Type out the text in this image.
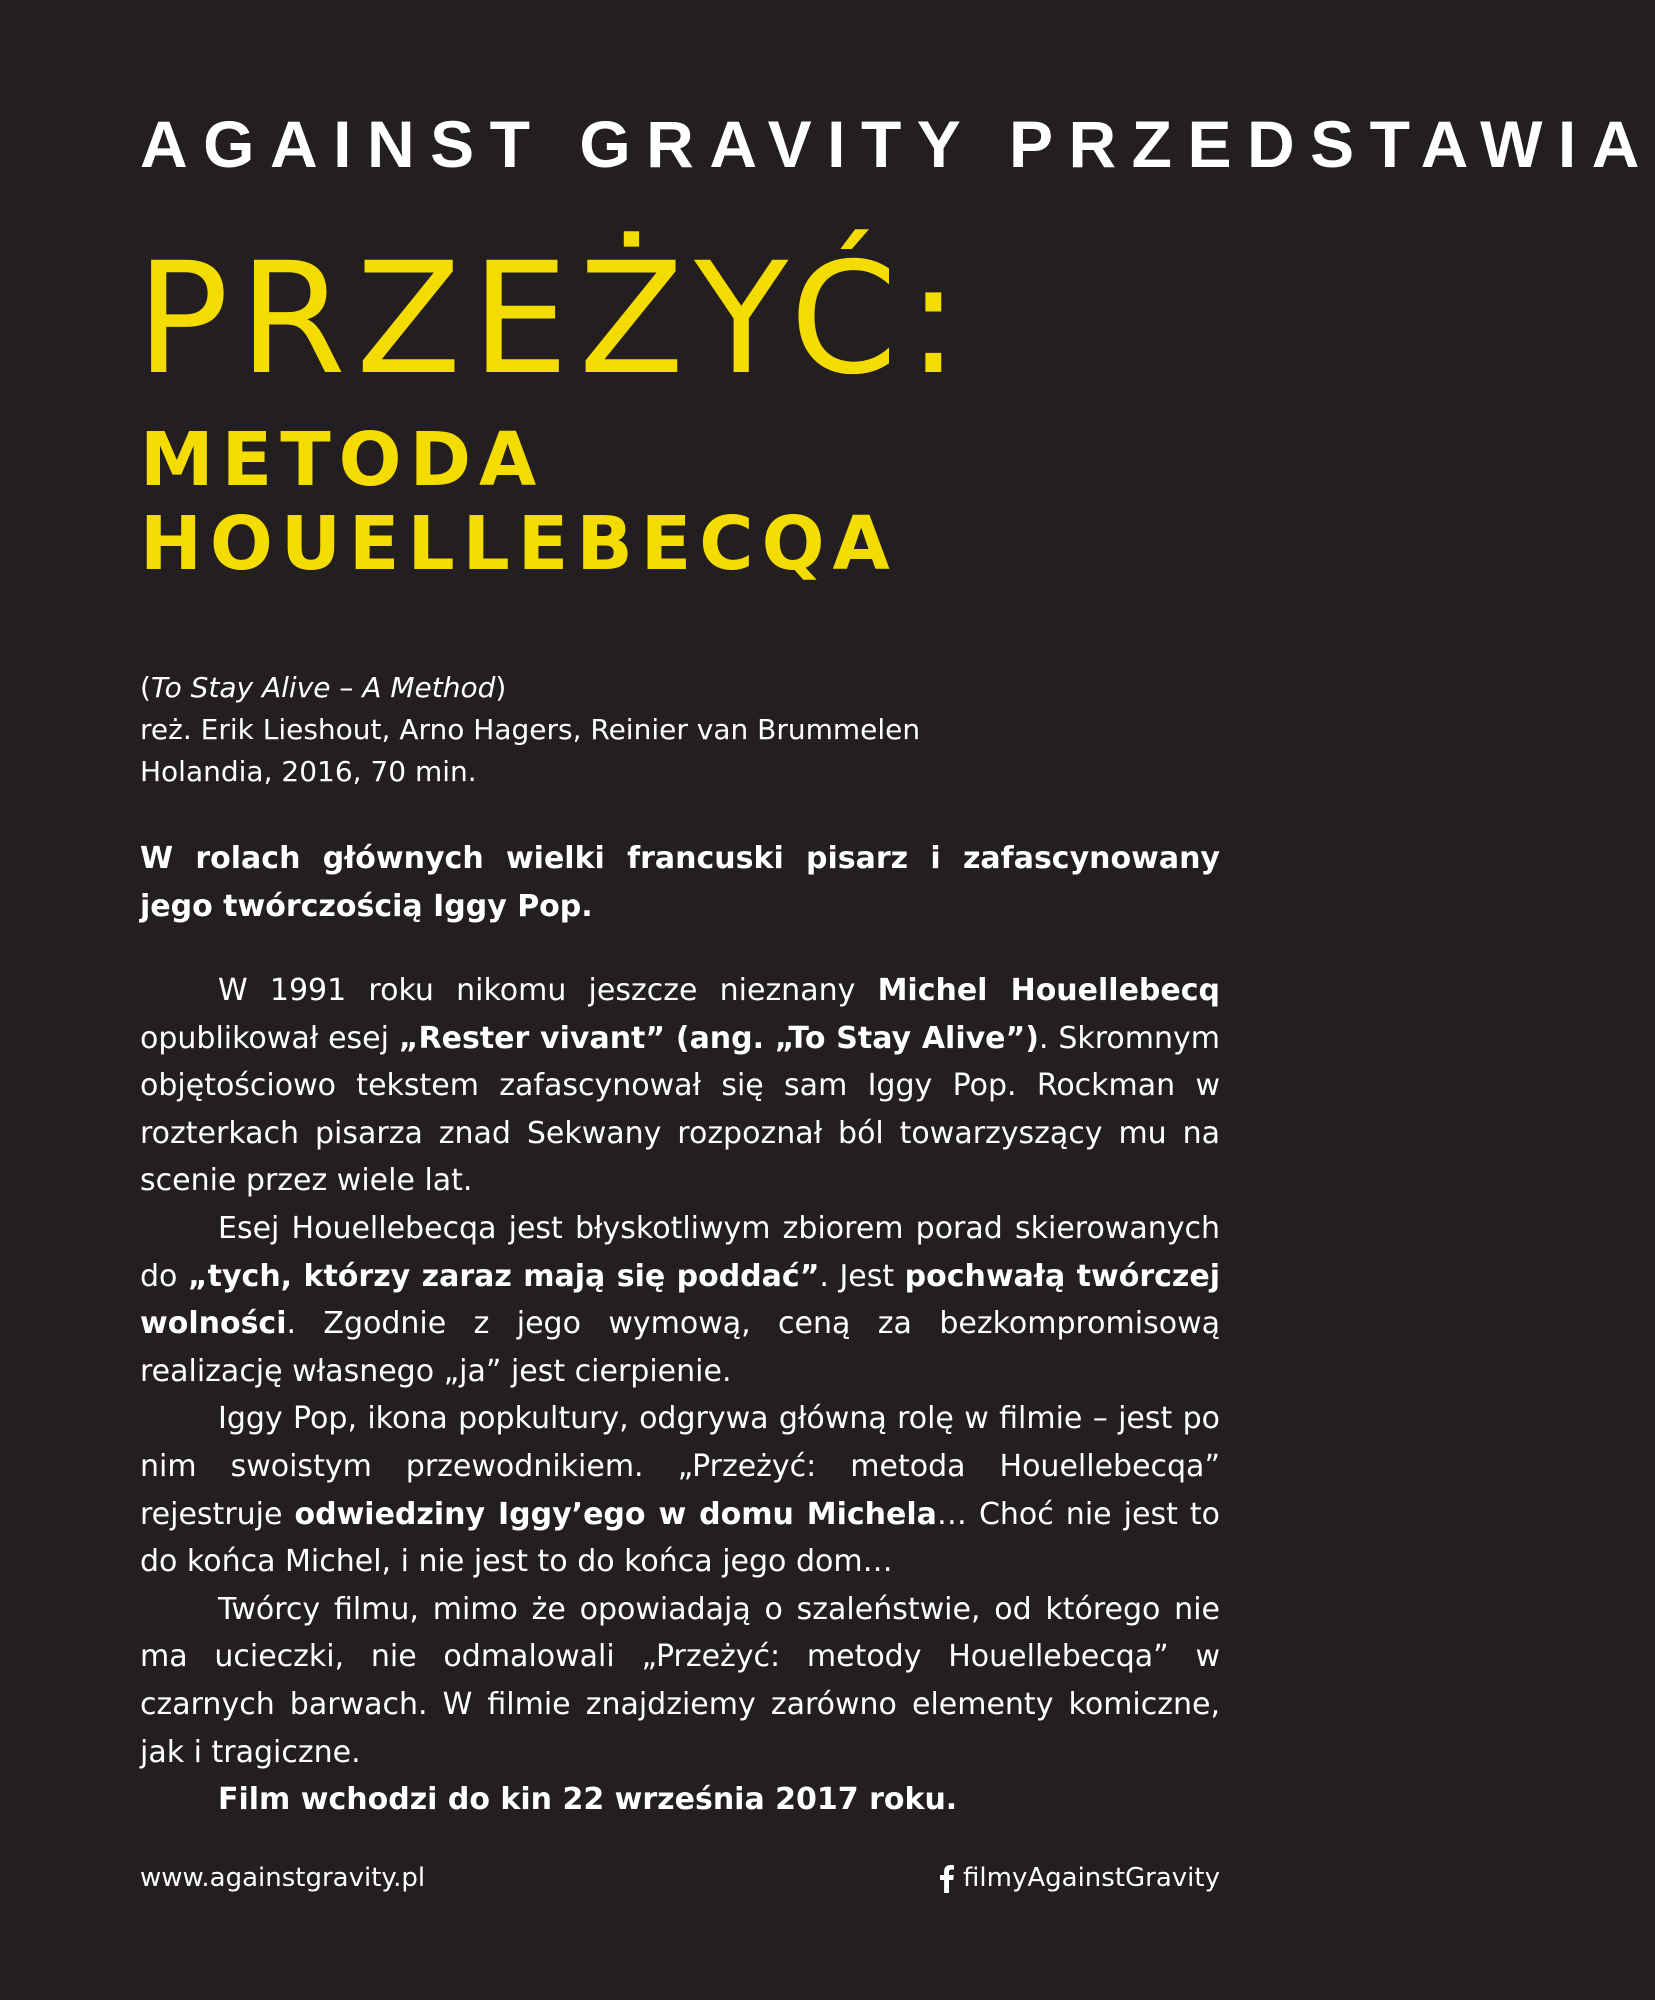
AGAINST GRAVITY PRZEDSTAWIA
PRZEŻYĆ:
METODA
HOUELLEBECQA
(To Stay Alive – A Method)
reż. Erik Lieshout, Arno Hagers, Reinier van Brummelen
Holandia, 2016, 70 min.
W rolach głównych wielki francuski pisarz i zafascynowany jego twórczością Iggy Pop.

W 1991 roku nikomu jeszcze nieznany Michel Houellebecq opublikował esej „Rester vivant” (ang. „To Stay Alive”). Skromnym objętościowo tekstem zafascynował się sam Iggy Pop. Rockman w rozterkach pisarza znad Sekwany rozpoznał ból towarzyszący mu na scenie przez wiele lat.

Esej Houellebecqa jest błyskotliwym zbiorem porad skierowanych do „tych, którzy zaraz mają się poddać”. Jest pochwałą twórczej wolności. Zgodnie z jego wymową, ceną za bezkompromisową realizację własnego „ja” jest cierpienie.

Iggy Pop, ikona popkultury, odgrywa główną rolę w filmie – jest po nim swoistym przewodnikiem. „Przeżyć: metoda Houellebecqa” rejestruje odwiedziny Iggy’ego w domu Michela… Choć nie jest to do końca Michel, i nie jest to do końca jego dom…

Twórcy filmu, mimo że opowiadają o szaleństwie, od którego nie ma ucieczki, nie odmalowali „Przeżyć: metody Houellebecqa” w czarnych barwach. W filmie znajdziemy zarówno elementy komiczne, jak i tragiczne.

Film wchodzi do kin 22 września 2017 roku.

www.againstgravity.pl	filmyAgainstGravity
